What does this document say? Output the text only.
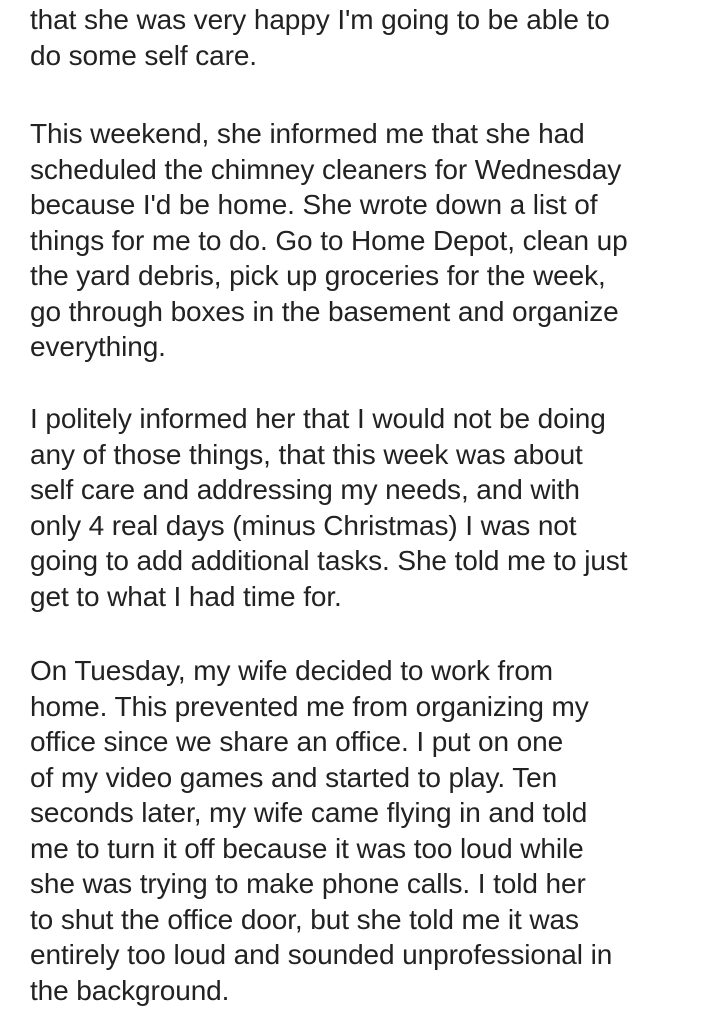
that she was very happy I'm going to be able to
do some self care.

This weekend, she informed me that she had
scheduled the chimney cleaners for Wednesday
because I'd be home. She wrote down a list of
things for me to do. Go to Home Depot, clean up
the yard debris, pick up groceries for the week,
go through boxes in the basement and organize
everything.

I politely informed her that I would not be doing
any of those things, that this week was about
self care and addressing my needs, and with
only 4 real days (minus Christmas) I was not
going to add additional tasks. She told me to just
get to what I had time for.

On Tuesday, my wife decided to work from
home. This prevented me from organizing my
office since we share an office. I put on one
of my video games and started to play. Ten
seconds later, my wife came flying in and told
me to turn it off because it was too loud while
she was trying to make phone calls. I told her
to shut the office door, but she told me it was
entirely too loud and sounded unprofessional in
the background.
